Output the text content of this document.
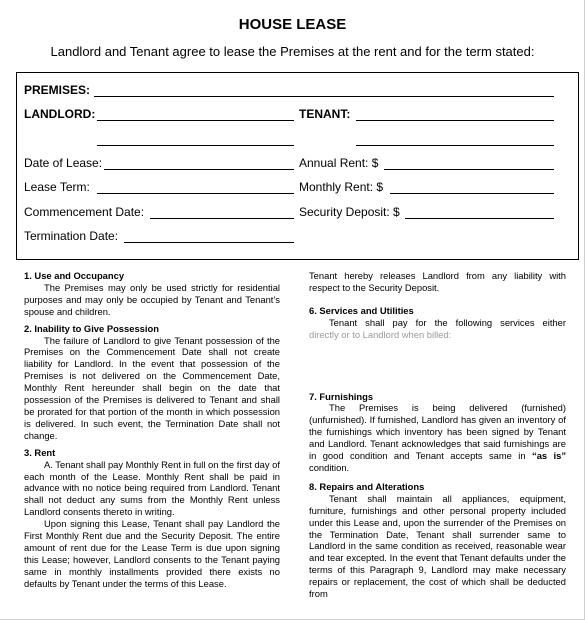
HOUSE LEASE
Landlord and Tenant agree to lease the Premises at the rent and for the term stated:
PREMISES:
LANDLORD:	TENANT:
Date of Lease:	Annual Rent: $
Lease Term:	Monthly Rent: $
Commencement Date:	Security Deposit: $
Termination Date:

1. Use and Occupancy

The Premises may only be used strictly for residential purposes and may only be occupied by Tenant and Tenant’s spouse and children.

2. Inability to Give Possession

The failure of Landlord to give Tenant possession of the Premises on the Commencement Date shall not create liability for Landlord. In the event that possession of the Premises is not delivered on the Commencement Date, Monthly Rent hereunder shall begin on the date that possession of the Premises is delivered to Tenant and shall be prorated for that portion of the month in which possession is delivered. In such event, the Termination Date shall not change.

3. Rent

A. Tenant shall pay Monthly Rent in full on the first day of each month of the Lease. Monthly Rent shall be paid in advance with no notice being required from Landlord. Tenant shall not deduct any sums from the Monthly Rent unless Landlord consents thereto in writing.

Upon signing this Lease, Tenant shall pay Landlord the First Monthly Rent due and the Security Deposit. The entire amount of rent due for the Lease Term is due upon signing this Lease; however, Landlord consents to the Tenant paying same in monthly installments provided there exists no defaults by Tenant under the terms of this Lease.

Tenant hereby releases Landlord from any liability with respect to the Security Deposit.

6. Services and Utilities

Tenant shall pay for the following services either

directly or to Landlord when billed:

7. Furnishings

The Premises is being delivered (furnished) (unfurnished). If furnished, Landlord has given an inventory of the furnishings which inventory has been signed by Tenant and Landlord. Tenant acknowledges that said furnishings are in good condition and Tenant accepts same in “as is” condition.

8. Repairs and Alterations

Tenant shall maintain all appliances, equipment, furniture, furnishings and other personal property included under this Lease and, upon the surrender of the Premises on the Termination Date, Tenant shall surrender same to Landlord in the same condition as received, reasonable wear and tear excepted. In the event that Tenant defaults under the terms of this Paragraph 9, Landlord may make necessary repairs or replacement, the cost of which shall be deducted from
